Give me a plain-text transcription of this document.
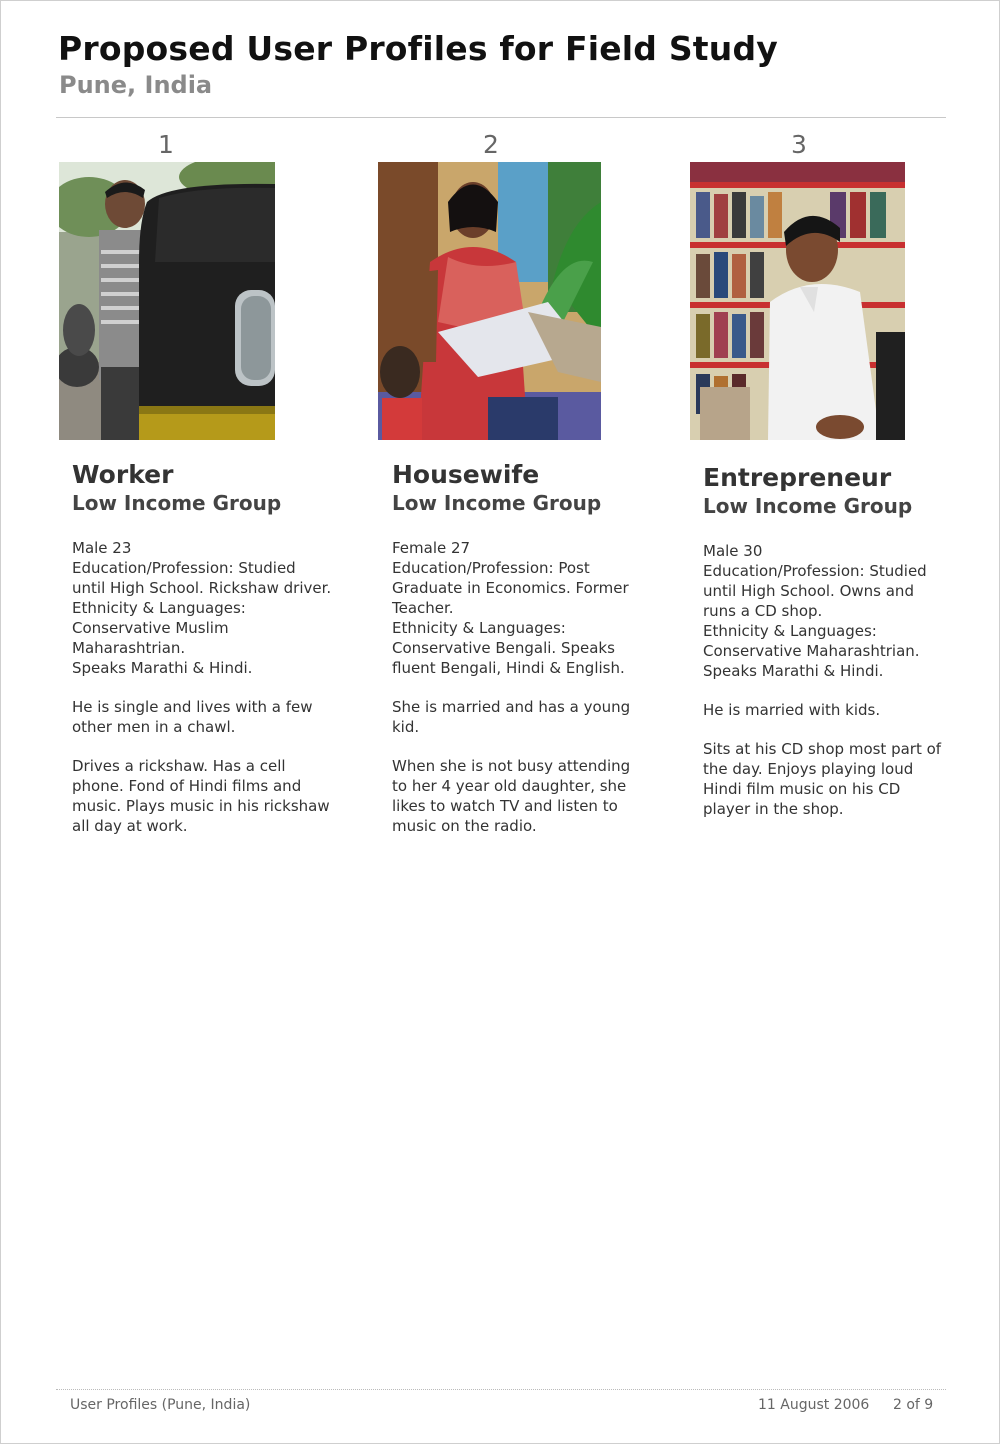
Proposed User Profiles for Field Study
Pune, India
1	2	3
Worker
Low Income Group

Male 23
Education/Profession: Studied until High School. Rickshaw driver.
Ethnicity & Languages: Conservative Muslim Maharashtrian.
Speaks Marathi & Hindi.

He is single and lives with a few other men in a chawl.

Drives a rickshaw. Has a cell phone. Fond of Hindi films and music. Plays music in his rickshaw all day at work.

Housewife
Low Income Group

Female 27
Education/Profession: Post Graduate in Economics. Former Teacher.
Ethnicity & Languages: Conservative Bengali. Speaks fluent Bengali, Hindi & English.

She is married and has a young kid.

When she is not busy attending to her 4 year old daughter, she likes to watch TV and listen to music on the radio.

Entrepreneur
Low Income Group

Male 30
Education/Profession: Studied until High School. Owns and runs a CD shop.
Ethnicity & Languages: Conservative Maharashtrian.
Speaks Marathi & Hindi.

He is married with kids.

Sits at his CD shop most part of the day. Enjoys playing loud Hindi film music on his CD player in the shop.

User Profiles (Pune, India)	11 August 2006 2 of 9
